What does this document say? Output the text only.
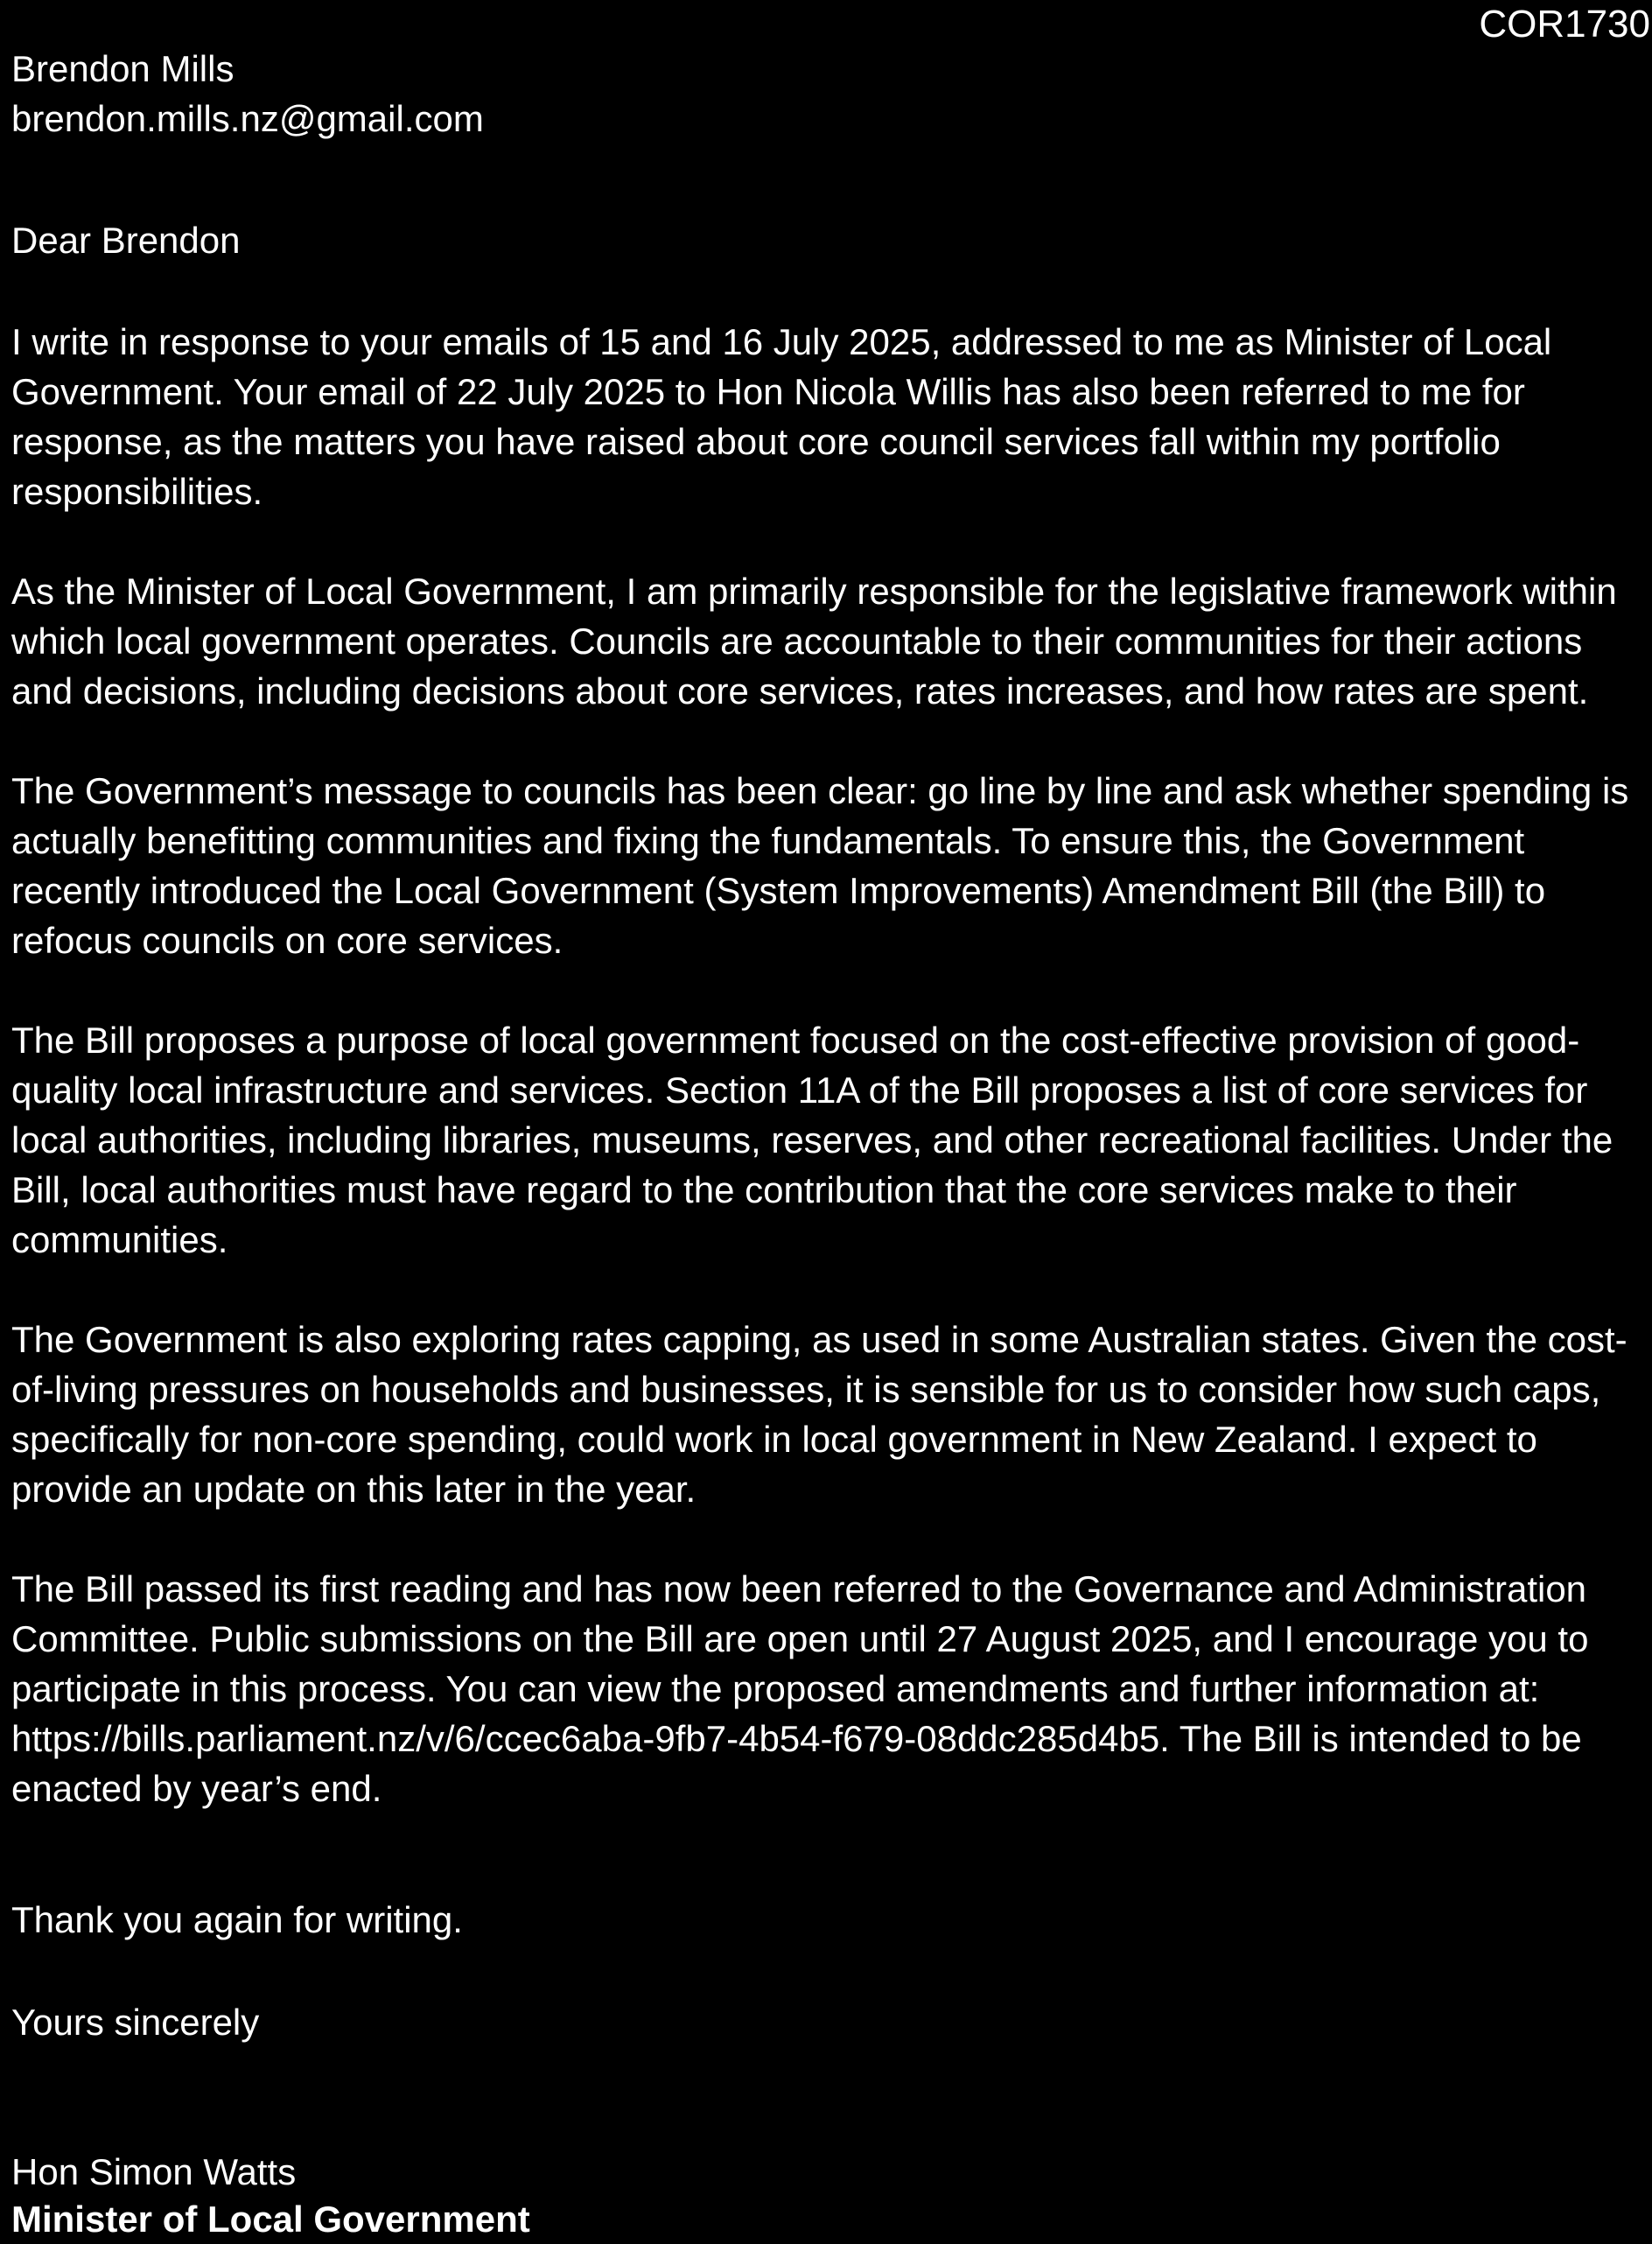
COR1730
Brendon Mills
brendon.mills.nz@gmail.com
Dear Brendon

I write in response to your emails of 15 and 16 July 2025, addressed to me as Minister of Local Government. Your email of 22 July 2025 to Hon Nicola Willis has also been referred to me for response, as the matters you have raised about core council services fall within my portfolio responsibilities.

As the Minister of Local Government, I am primarily responsible for the legislative framework within which local government operates. Councils are accountable to their communities for their actions and decisions, including decisions about core services, rates increases, and how rates are spent.

The Government’s message to councils has been clear: go line by line and ask whether spending is actually benefitting communities and fixing the fundamentals. To ensure this, the Government recently introduced the Local Government (System Improvements) Amendment Bill (the Bill) to refocus councils on core services.

The Bill proposes a purpose of local government focused on the cost-effective provision of good-quality local infrastructure and services. Section 11A of the Bill proposes a list of core services for local authorities, including libraries, museums, reserves, and other recreational facilities. Under the Bill, local authorities must have regard to the contribution that the core services make to their communities.

The Government is also exploring rates capping, as used in some Australian states. Given the cost-of-living pressures on households and businesses, it is sensible for us to consider how such caps, specifically for non-core spending, could work in local government in New Zealand. I expect to provide an update on this later in the year.

The Bill passed its first reading and has now been referred to the Governance and Administration Committee. Public submissions on the Bill are open until 27 August 2025, and I encourage you to participate in this process. You can view the proposed amendments and further information at: https://bills.parliament.nz/v/6/ccec6aba-9fb7-4b54-f679-08ddc285d4b5. The Bill is intended to be enacted by year’s end.

Thank you again for writing.
Yours sincerely
Hon Simon Watts
Minister of Local Government
